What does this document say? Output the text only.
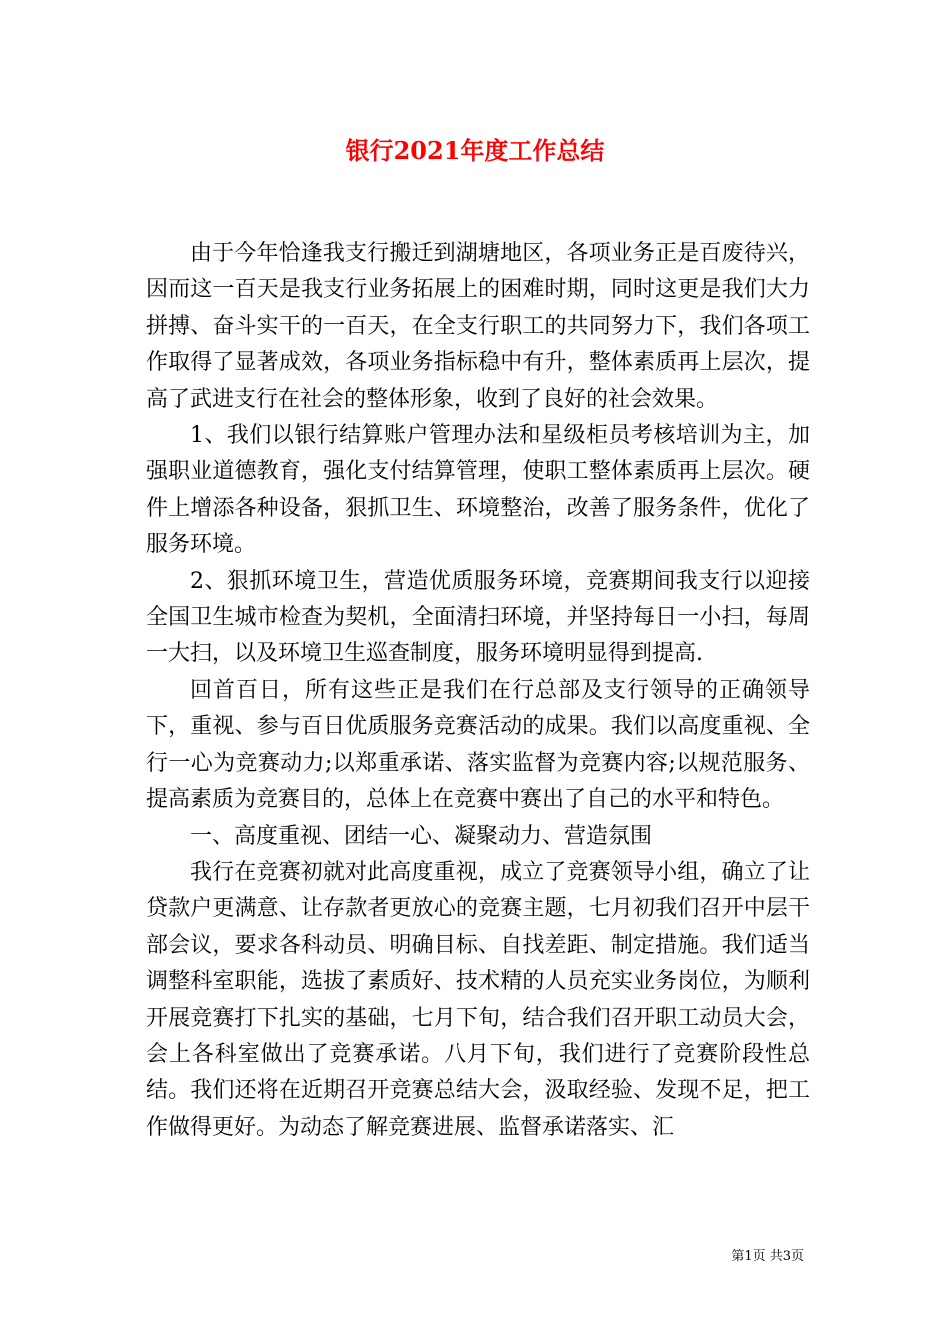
银行2021年度工作总结

由于今年恰逢我支行搬迁到湖塘地区，各项业务正是百废待兴，因而这一百天是我支行业务拓展上的困难时期，同时这更是我们大力拼搏、奋斗实干的一百天，在全支行职工的共同努力下，我们各项工作取得了显著成效，各项业务指标稳中有升，整体素质再上层次，提高了武进支行在社会的整体形象，收到了良好的社会效果。

1、我们以银行结算账户管理办法和星级柜员考核培训为主，加强职业道德教育，强化支付结算管理，使职工整体素质再上层次。硬件上增添各种设备，狠抓卫生、环境整治，改善了服务条件，优化了服务环境。

2、狠抓环境卫生，营造优质服务环境，竞赛期间我支行以迎接全国卫生城市检查为契机，全面清扫环境，并坚持每日一小扫，每周一大扫，以及环境卫生巡查制度，服务环境明显得到提高.

回首百日，所有这些正是我们在行总部及支行领导的正确领导下，重视、参与百日优质服务竞赛活动的成果。我们以高度重视、全行一心为竞赛动力;以郑重承诺、落实监督为竞赛内容;以规范服务、提高素质为竞赛目的，总体上在竞赛中赛出了自己的水平和特色。

一、高度重视、团结一心、凝聚动力、营造氛围

我行在竞赛初就对此高度重视，成立了竞赛领导小组，确立了让贷款户更满意、让存款者更放心的竞赛主题，七月初我们召开中层干部会议，要求各科动员、明确目标、自找差距、制定措施。我们适当调整科室职能，选拔了素质好、技术精的人员充实业务岗位，为顺利开展竞赛打下扎实的基础，七月下旬，结合我们召开职工动员大会，会上各科室做出了竞赛承诺。八月下旬，我们进行了竞赛阶段性总结。我们还将在近期召开竞赛总结大会，汲取经验、发现不足，把工作做得更好。为动态了解竞赛进展、监督承诺落实、汇

第1页 共3页
